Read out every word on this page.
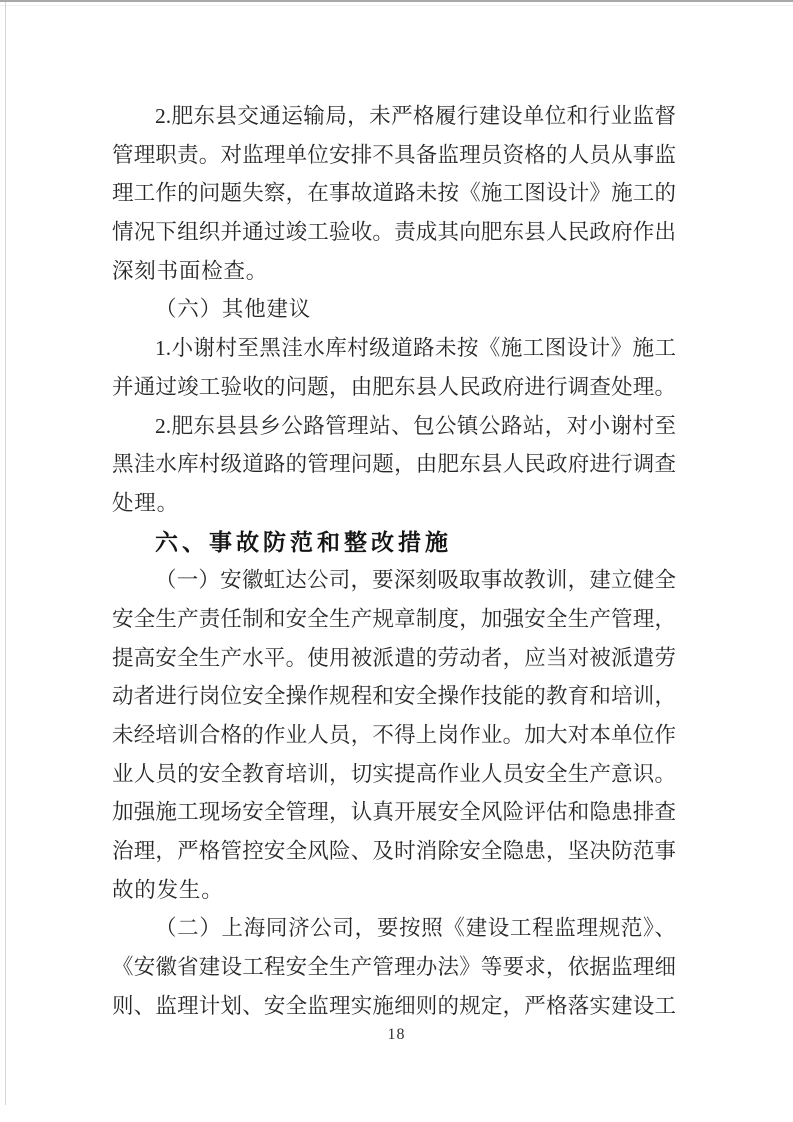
2.肥东县交通运输局，未严格履行建设单位和行业监督
管理职责。对监理单位安排不具备监理员资格的人员从事监
理工作的问题失察，在事故道路未按《施工图设计》施工的
情况下组织并通过竣工验收。责成其向肥东县人民政府作出
深刻书面检查。
（六）其他建议
1.小谢村至黑洼水库村级道路未按《施工图设计》施工
并通过竣工验收的问题，由肥东县人民政府进行调查处理。
2.肥东县县乡公路管理站、包公镇公路站，对小谢村至
黑洼水库村级道路的管理问题，由肥东县人民政府进行调查
处理。
六、事故防范和整改措施
（一）安徽虹达公司，要深刻吸取事故教训，建立健全
安全生产责任制和安全生产规章制度，加强安全生产管理，
提高安全生产水平。使用被派遣的劳动者，应当对被派遣劳
动者进行岗位安全操作规程和安全操作技能的教育和培训，
未经培训合格的作业人员，不得上岗作业。加大对本单位作
业人员的安全教育培训，切实提高作业人员安全生产意识。
加强施工现场安全管理，认真开展安全风险评估和隐患排查
治理，严格管控安全风险、及时消除安全隐患，坚决防范事
故的发生。
（二）上海同济公司，要按照《建设工程监理规范》、
《安徽省建设工程安全生产管理办法》等要求，依据监理细
则、监理计划、安全监理实施细则的规定，严格落实建设工
18
